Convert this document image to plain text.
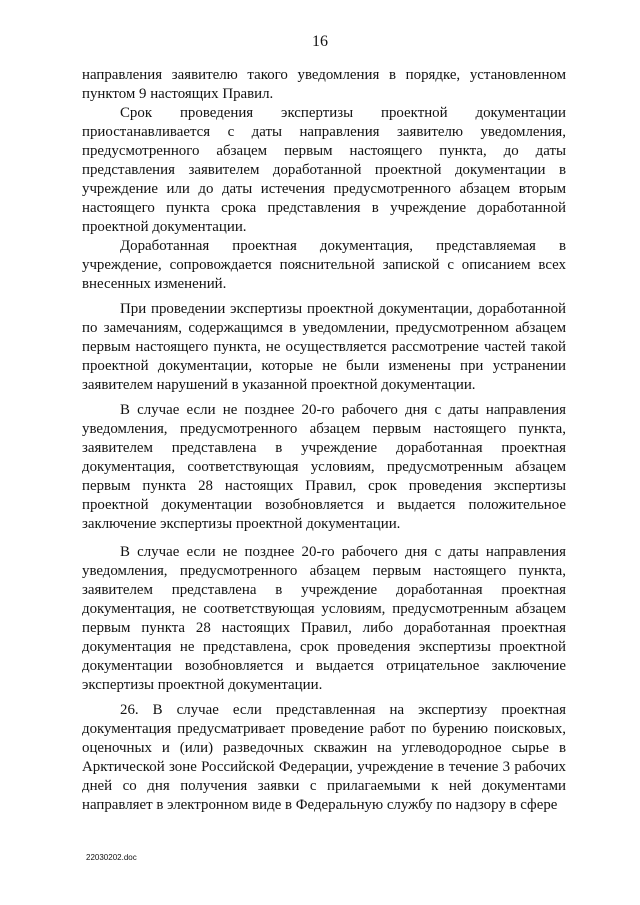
16

направления заявителю такого уведомления в порядке, установленном пунктом 9 настоящих Правил.

Срок проведения экспертизы проектной документации приостанавливается с даты направления заявителю уведомления, предусмотренного абзацем первым настоящего пункта, до даты представления заявителем доработанной проектной документации в учреждение или до даты истечения предусмотренного абзацем вторым настоящего пункта срока представления в учреждение доработанной проектной документации.

Доработанная проектная документация, представляемая в учреждение, сопровождается пояснительной запиской с описанием всех внесенных изменений.

При проведении экспертизы проектной документации, доработанной по замечаниям, содержащимся в уведомлении, предусмотренном абзацем первым настоящего пункта, не осуществляется рассмотрение частей такой проектной документации, которые не были изменены при устранении заявителем нарушений в указанной проектной документации.

В случае если не позднее 20-го рабочего дня с даты направления уведомления, предусмотренного абзацем первым настоящего пункта, заявителем представлена в учреждение доработанная проектная документация, соответствующая условиям, предусмотренным абзацем первым пункта 28 настоящих Правил, срок проведения экспертизы проектной документации возобновляется и выдается положительное заключение экспертизы проектной документации.

В случае если не позднее 20-го рабочего дня с даты направления уведомления, предусмотренного абзацем первым настоящего пункта, заявителем представлена в учреждение доработанная проектная документация, не соответствующая условиям, предусмотренным абзацем первым пункта 28 настоящих Правил, либо доработанная проектная документация не представлена, срок проведения экспертизы проектной документации возобновляется и выдается отрицательное заключение экспертизы проектной документации.

26. В случае если представленная на экспертизу проектная документация предусматривает проведение работ по бурению поисковых, оценочных и (или) разведочных скважин на углеводородное сырье в Арктической зоне Российской Федерации, учреждение в течение 3 рабочих дней со дня получения заявки с прилагаемыми к ней документами направляет в электронном виде в Федеральную службу по надзору в сфере

22030202.doc
